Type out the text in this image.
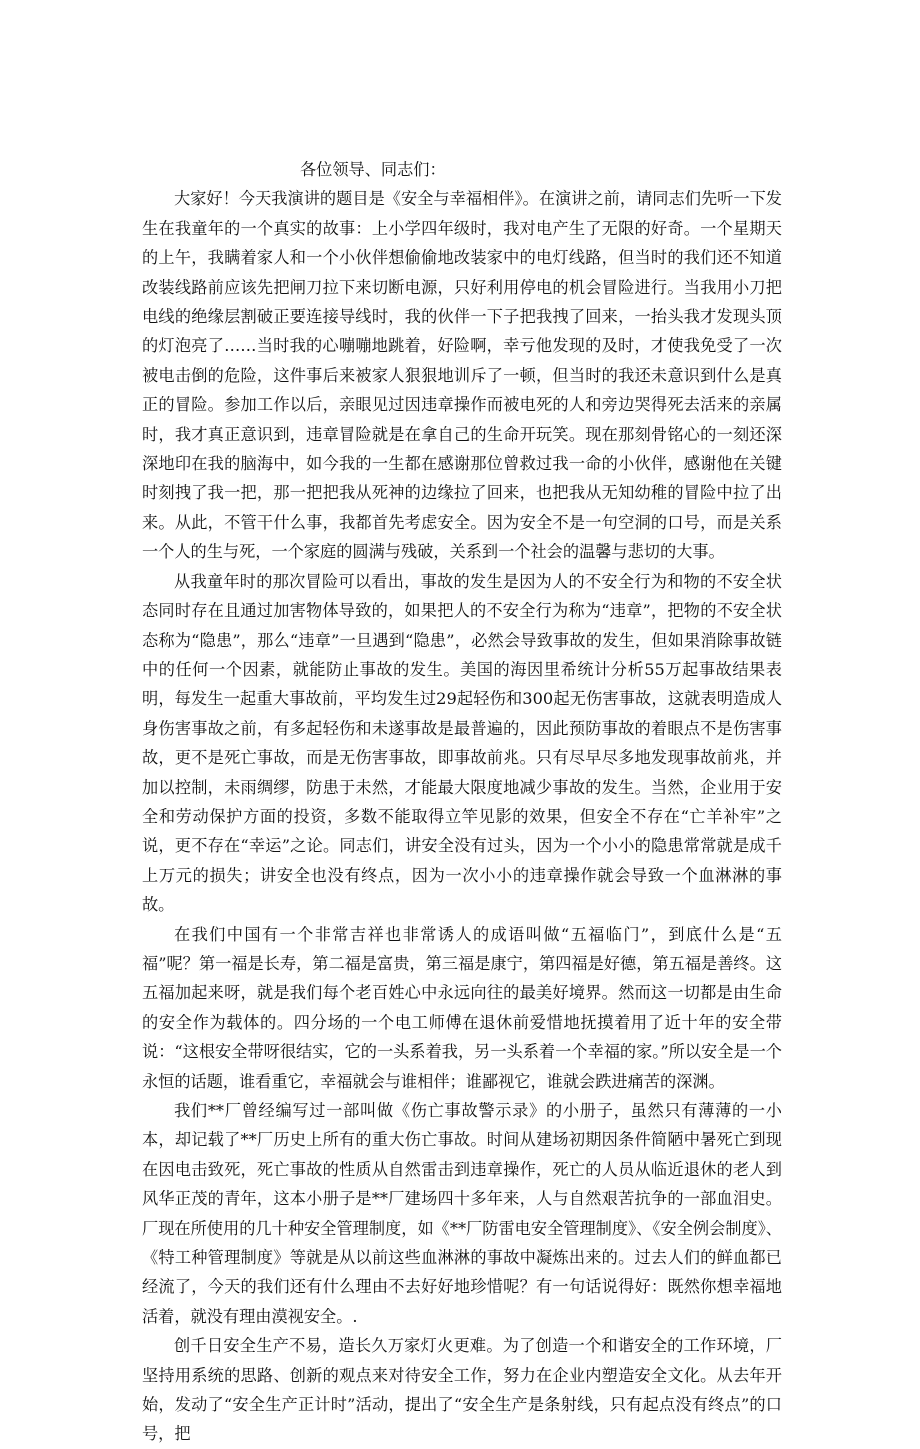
各位领导、同志们：

大家好！今天我演讲的题目是《安全与幸福相伴》。在演讲之前，请同志们先听一下发生在我童年的一个真实的故事：上小学四年级时，我对电产生了无限的好奇。一个星期天的上午，我瞒着家人和一个小伙伴想偷偷地改装家中的电灯线路，但当时的我们还不知道改装线路前应该先把闸刀拉下来切断电源，只好利用停电的机会冒险进行。当我用小刀把电线的绝缘层割破正要连接导线时，我的伙伴一下子把我拽了回来，一抬头我才发现头顶的灯泡亮了……当时我的心嘣嘣地跳着，好险啊，幸亏他发现的及时，才使我免受了一次被电击倒的危险，这件事后来被家人狠狠地训斥了一顿，但当时的我还未意识到什么是真正的冒险。参加工作以后，亲眼见过因违章操作而被电死的人和旁边哭得死去活来的亲属时，我才真正意识到，违章冒险就是在拿自己的生命开玩笑。现在那刻骨铭心的一刻还深深地印在我的脑海中，如今我的一生都在感谢那位曾救过我一命的小伙伴，感谢他在关键时刻拽了我一把，那一把把我从死神的边缘拉了回来，也把我从无知幼稚的冒险中拉了出来。从此，不管干什么事，我都首先考虑安全。因为安全不是一句空洞的口号，而是关系一个人的生与死，一个家庭的圆满与残破，关系到一个社会的温馨与悲切的大事。

从我童年时的那次冒险可以看出，事故的发生是因为人的不安全行为和物的不安全状态同时存在且通过加害物体导致的，如果把人的不安全行为称为“违章”，把物的不安全状态称为“隐患”，那么“违章”一旦遇到“隐患”，必然会导致事故的发生，但如果消除事故链中的任何一个因素，就能防止事故的发生。美国的海因里希统计分析55万起事故结果表明，每发生一起重大事故前，平均发生过29起轻伤和300起无伤害事故，这就表明造成人身伤害事故之前，有多起轻伤和未遂事故是最普遍的，因此预防事故的着眼点不是伤害事故，更不是死亡事故，而是无伤害事故，即事故前兆。只有尽早尽多地发现事故前兆，并加以控制，未雨绸缪，防患于未然，才能最大限度地减少事故的发生。当然，企业用于安全和劳动保护方面的投资，多数不能取得立竿见影的效果，但安全不存在“亡羊补牢”之说，更不存在“幸运”之论。同志们，讲安全没有过头，因为一个小小的隐患常常就是成千上万元的损失；讲安全也没有终点，因为一次小小的违章操作就会导致一个血淋淋的事故。

在我们中国有一个非常吉祥也非常诱人的成语叫做“五福临门”，到底什么是“五福”呢？第一福是长寿，第二福是富贵，第三福是康宁，第四福是好德，第五福是善终。这五福加起来呀，就是我们每个老百姓心中永远向往的最美好境界。然而这一切都是由生命的安全作为载体的。四分场的一个电工师傅在退休前爱惜地抚摸着用了近十年的安全带说：“这根安全带呀很结实，它的一头系着我，另一头系着一个幸福的家。”所以安全是一个永恒的话题，谁看重它，幸福就会与谁相伴；谁鄙视它，谁就会跌进痛苦的深渊。

我们**厂曾经编写过一部叫做《伤亡事故警示录》的小册子，虽然只有薄薄的一小本，却记载了**厂历史上所有的重大伤亡事故。时间从建场初期因条件简陋中暑死亡到现在因电击致死，死亡事故的性质从自然雷击到违章操作，死亡的人员从临近退休的老人到风华正茂的青年，这本小册子是**厂建场四十多年来，人与自然艰苦抗争的一部血泪史。厂现在所使用的几十种安全管理制度，如《**厂防雷电安全管理制度》、《安全例会制度》、《特工种管理制度》等就是从以前这些血淋淋的事故中凝炼出来的。过去人们的鲜血都已经流了，今天的我们还有什么理由不去好好地珍惜呢？有一句话说得好：既然你想幸福地活着，就没有理由漠视安全。.

创千日安全生产不易，造长久万家灯火更难。为了创造一个和谐安全的工作环境，厂坚持用系统的思路、创新的观点来对待安全工作，努力在企业内塑造安全文化。从去年开始，发动了“安全生产正计时”活动，提出了“安全生产是条射线，只有起点没有终点”的口号，把
